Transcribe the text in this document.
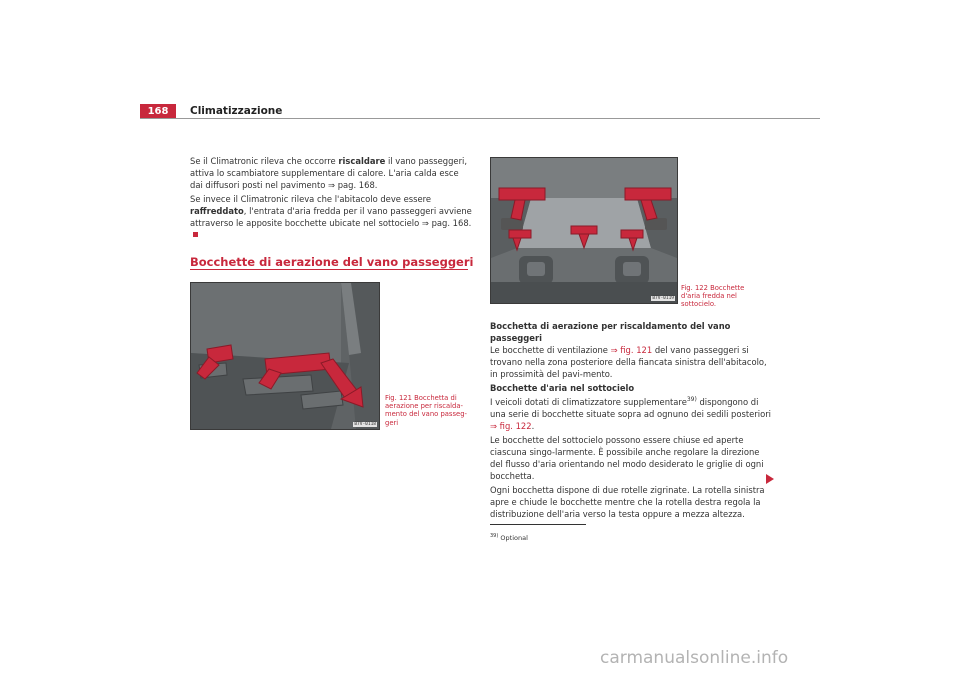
168	Climatizzazione

Se il Climatronic rileva che occorre riscaldare il vano passeggeri, attiva lo scambiatore supplementare di calore. L'aria calda esce dai diffusori posti nel pavimento ⇒ pag. 168.

Se invece il Climatronic rileva che l'abitacolo deve essere raffreddato, l'entrata d'aria fredda per il vano passeggeri avviene attraverso le apposite bocchette ubicate nel sottocielo ⇒ pag. 168.

Bocchette di aerazione del vano passeggeri
B7V-0118
Fig. 121 Bocchetta di aerazione per riscalda-mento del vano passeg-geri
B7V-0119
Fig. 122 Bocchette d'aria fredda nel sottocielo.

Bocchetta di aerazione per riscaldamento del vano passeggeri

Le bocchette di ventilazione ⇒ fig. 121 del vano passeggeri si trovano nella zona posteriore della fiancata sinistra dell'abitacolo, in prossimità del pavi-mento.

Bocchette d'aria nel sottocielo

I veicoli dotati di climatizzatore supplementare$^{39)}$ dispongono di una serie di bocchette situate sopra ad ognuno dei sedili posteriori ⇒ fig. 122.

Le bocchette del sottocielo possono essere chiuse ed aperte ciascuna singo-larmente. È possibile anche regolare la direzione del flusso d'aria orientando nel modo desiderato le griglie di ogni bocchetta.

Ogni bocchetta dispone di due rotelle zigrinate. La rotella sinistra apre e chiude le bocchette mentre che la rotella destra regola la distribuzione dell'aria verso la testa oppure a mezza altezza.

$^{39)}$ Optional
carmanualsonline.info
